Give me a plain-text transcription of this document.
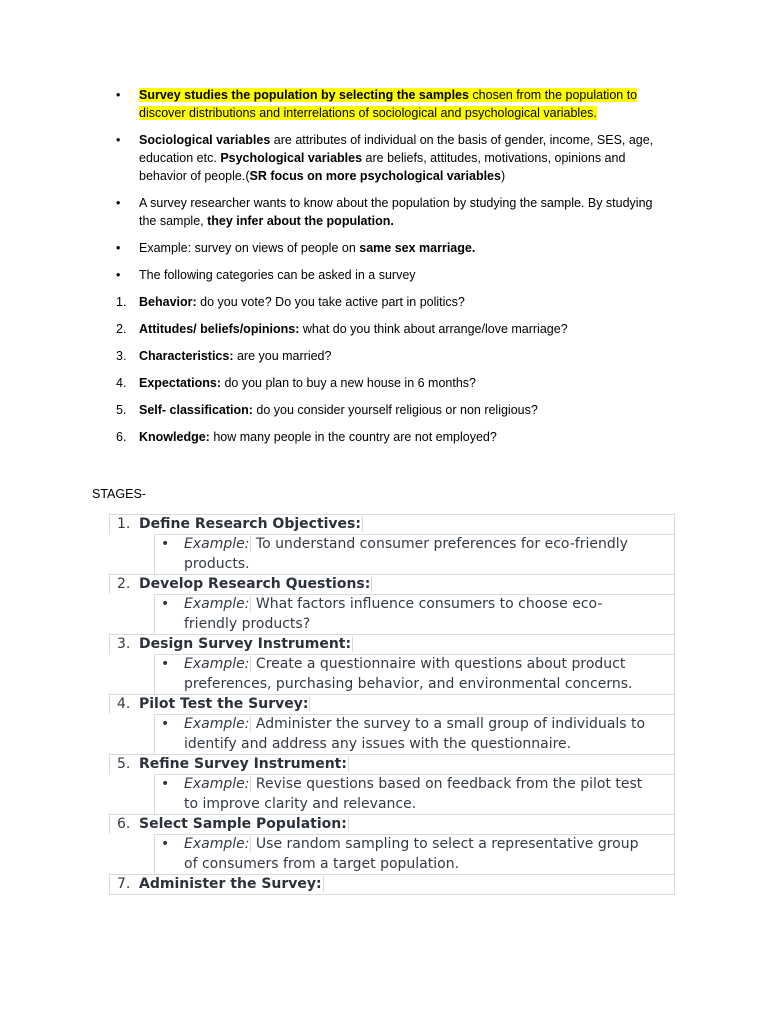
•	Survey studies the population by selecting the samples chosen from the population to discover distributions and interrelations of sociological and psychological variables.
•	Sociological variables are attributes of individual on the basis of gender, income, SES, age, education etc. Psychological variables are beliefs, attitudes, motivations, opinions and behavior of people.(SR focus on more psychological variables)
•	A survey researcher wants to know about the population by studying the sample. By studying the sample, they infer about the population.
•	Example: survey on views of people on same sex marriage.
•	The following categories can be asked in a survey
1.	Behavior: do you vote? Do you take active part in politics?
2.	Attitudes/ beliefs/opinions: what do you think about arrange/love marriage?
3.	Characteristics: are you married?
4.	Expectations: do you plan to buy a new house in 6 months?
5.	Self- classification: do you consider yourself religious or non religious?
6.	Knowledge: how many people in the country are not employed?
STAGES-
1. Define Research Objectives:
• Example: To understand consumer preferences for eco-friendly products.
2. Develop Research Questions:
• Example: What factors influence consumers to choose eco-friendly products?
3. Design Survey Instrument:
• Example: Create a questionnaire with questions about product preferences, purchasing behavior, and environmental concerns.
4. Pilot Test the Survey:
• Example: Administer the survey to a small group of individuals to identify and address any issues with the questionnaire.
5. Refine Survey Instrument:
• Example: Revise questions based on feedback from the pilot test to improve clarity and relevance.
6. Select Sample Population:
• Example: Use random sampling to select a representative group of consumers from a target population.
7. Administer the Survey:
